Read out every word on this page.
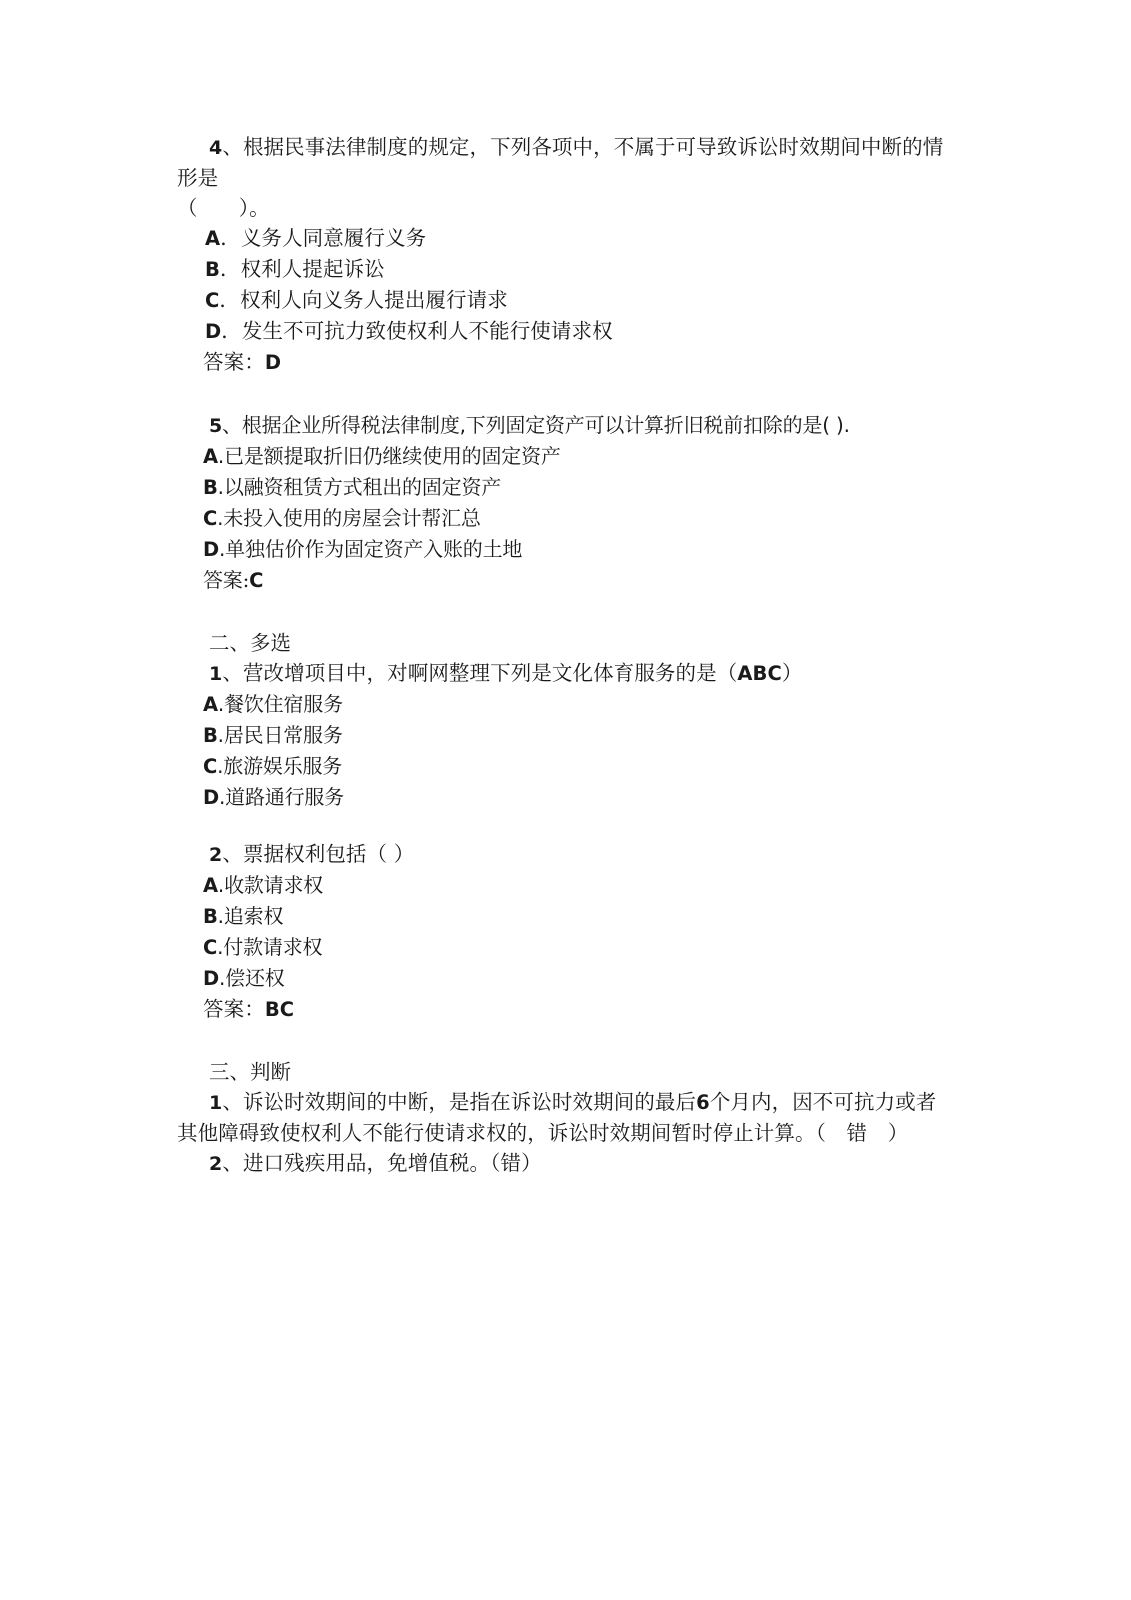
4、根据民事法律制度的规定，下列各项中，不属于可导致诉讼时效期间中断的情形是
（　　）。
A．义务人同意履行义务
B．权利人提起诉讼
C．权利人向义务人提出履行请求
D．发生不可抗力致使权利人不能行使请求权
答案：D
5、根据企业所得税法律制度,下列固定资产可以计算折旧税前扣除的是( ).
A.已是额提取折旧仍继续使用的固定资产
B.以融资租赁方式租出的固定资产
C.未投入使用的房屋会计帮汇总
D.单独估价作为固定资产入账的土地
答案:C
二、多选
1、营改增项目中，对啊网整理下列是文化体育服务的是（ABC）
A.餐饮住宿服务
B.居民日常服务
C.旅游娱乐服务
D.道路通行服务
2、票据权利包括（ ）
A.收款请求权
B.追索权
C.付款请求权
D.偿还权
答案：BC
三、判断
1、诉讼时效期间的中断，是指在诉讼时效期间的最后6个月内，因不可抗力或者其他障碍致使权利人不能行使请求权的，诉讼时效期间暂时停止计算。（　错　）
2、进口残疾用品，免增值税。（错）
